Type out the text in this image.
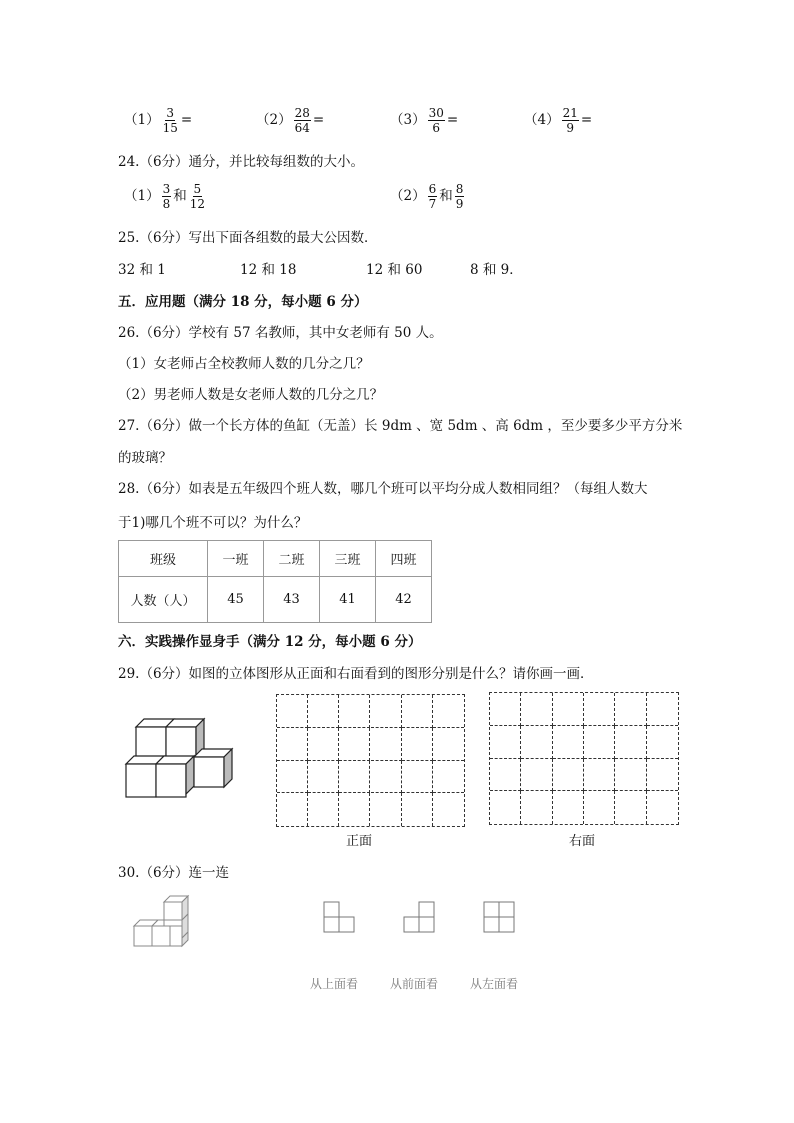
$(1) \frac{3}{15}$ =	$(2) \frac{28}{64}$ =	$(3) \frac{30}{6}$ =	$(4) \frac{21}{9}$ =
24.（6分）通分，并比较每组数的大小。
$(1) \frac{3}{8}$ 和 $\frac{5}{12}$	$(2) \frac{6}{7}$ 和 $\frac{8}{9}$
25.（6分）写出下面各组数的最大公因数．
32 和 1	12 和 18	12 和 60	8 和 9．
五．应用题（满分 18 分，每小题 6 分）
26.（6分）学校有 57 名教师，其中女老师有 50 人。
（1）女老师占全校教师人数的几分之几？
（2）男老师人数是女老师人数的几分之几？
27.（6分）做一个长方体的鱼缸（无盖）长 9dm 、宽 5dm 、高 6dm ，至少要多少平方分米
的玻璃？
28.（6分）如表是五年级四个班人数，哪几个班可以平均分成人数相同组？（每组人数大
于1)哪几个班不可以？为什么？
班级	一班	二班	三班	四班
人数（人）	45	43	41	42
六．实践操作显身手（满分 12 分，每小题 6 分）
29.（6分）如图的立体图形从正面和右面看到的图形分别是什么？请你画一画．
正面	右面
30.（6分）连一连
从上面看	从前面看	从左面看
